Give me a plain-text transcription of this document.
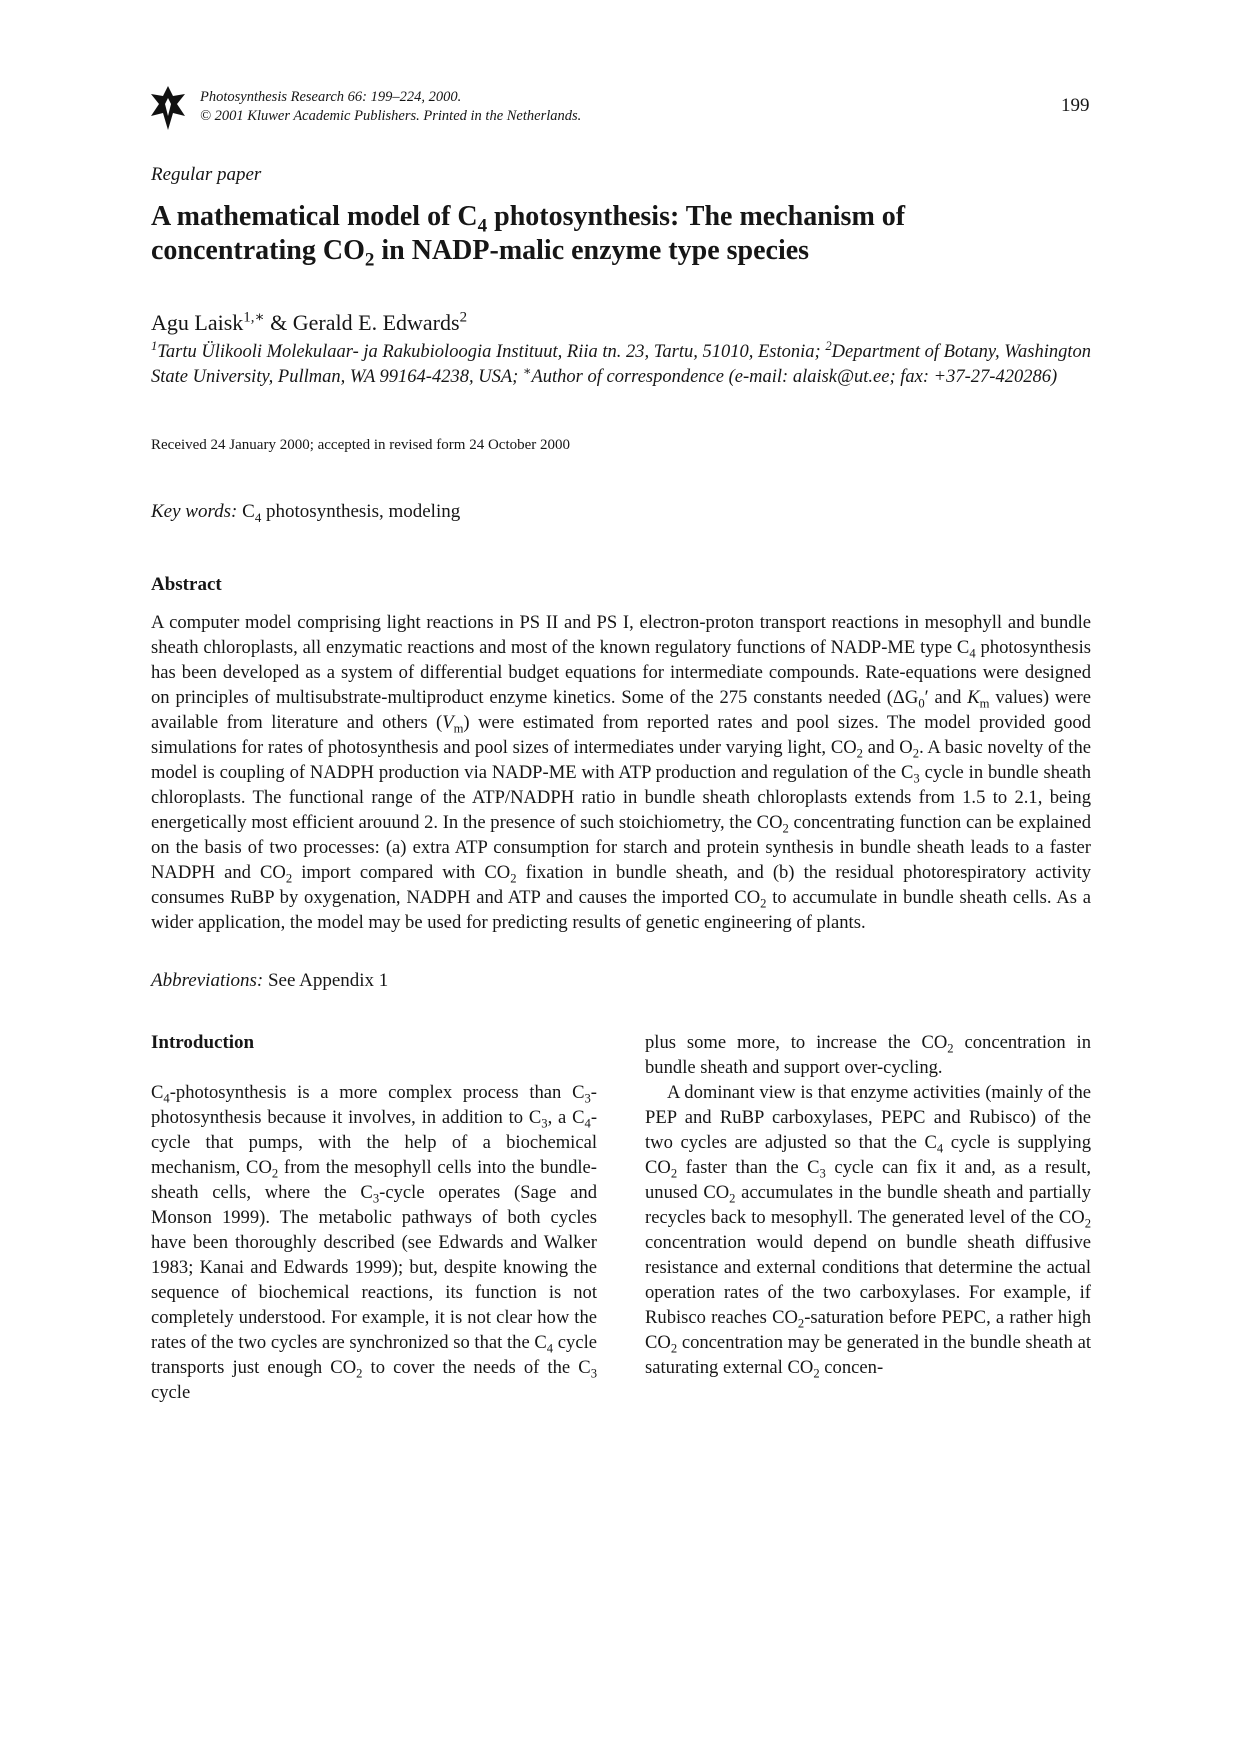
Photosynthesis Research 66: 199–224, 2000.
© 2001 Kluwer Academic Publishers. Printed in the Netherlands.	199
Regular paper
A mathematical model of $C_4$ photosynthesis: The mechanism of
concentrating $CO_2$ in NADP-malic enzyme type species
Agu Laisk$^{1,∗}$ & Gerald E. Edwards$^2$
$^1$Tartu Ülikooli Molekulaar- ja Rakubioloogia Instituut, Riia tn. 23, Tartu, 51010, Estonia; $^2$Department of Botany, Washington State University, Pullman, WA 99164-4238, USA; ∗Author of correspondence (e-mail: alaisk@ut.ee; fax: +37-27-420286)
Received 24 January 2000; accepted in revised form 24 October 2000
Key words: $C_4$ photosynthesis, modeling
Abstract
A computer model comprising light reactions in PS II and PS I, electron-proton transport reactions in mesophyll and bundle sheath chloroplasts, all enzymatic reactions and most of the known regulatory functions of NADP-ME type $C_4$ photosynthesis has been developed as a system of differential budget equations for intermediate compounds. Rate-equations were designed on principles of multisubstrate-multiproduct enzyme kinetics. Some of the 275 constants needed ($\Delta G_0'$ and $K_m$ values) were available from literature and others $(V_m)$ were estimated from reported rates and pool sizes. The model provided good simulations for rates of photosynthesis and pool sizes of intermediates under varying light, $CO_2$ and $O_2$. A basic novelty of the model is coupling of NADPH production via NADP-ME with ATP production and regulation of the $C_3$ cycle in bundle sheath chloroplasts. The functional range of the ATP/NADPH ratio in bundle sheath chloroplasts extends from 1.5 to 2.1, being energetically most efficient arouund 2. In the presence of such stoichiometry, the $CO_2$ concentrating function can be explained on the basis of two processes: (a) extra ATP consumption for starch and protein synthesis in bundle sheath leads to a faster NADPH and $CO_2$ import compared with $CO_2$ fixation in bundle sheath, and (b) the residual photorespiratory activity consumes RuBP by oxygenation, NADPH and ATP and causes the imported $CO_2$ to accumulate in bundle sheath cells. As a wider application, the model may be used for predicting results of genetic engineering of plants.
Abbreviations: See Appendix 1
Introduction

$C_4$-photosynthesis is a more complex process than $C_3$-photosynthesis because it involves, in addition to $C_3$, a $C_4$-cycle that pumps, with the help of a biochemical mechanism, $CO_2$ from the mesophyll cells into the bundle-sheath cells, where the $C_3$-cycle operates (Sage and Monson 1999). The metabolic pathways of both cycles have been thoroughly described (see Edwards and Walker 1983; Kanai and Edwards 1999); but, despite knowing the sequence of biochemical reactions, its function is not completely understood. For example, it is not clear how the rates of the two cycles are synchronized so that the $C_4$ cycle transports just enough $CO_2$ to cover the needs of the $C_3$ cycle

plus some more, to increase the $CO_2$ concentration in bundle sheath and support over-cycling.

A dominant view is that enzyme activities (mainly of the PEP and RuBP carboxylases, PEPC and Rubisco) of the two cycles are adjusted so that the $C_4$ cycle is supplying $CO_2$ faster than the $C_3$ cycle can fix it and, as a result, unused $CO_2$ accumulates in the bundle sheath and partially recycles back to mesophyll. The generated level of the $CO_2$ concentration would depend on bundle sheath diffusive resistance and external conditions that determine the actual operation rates of the two carboxylases. For example, if Rubisco reaches $CO_2$-saturation before PEPC, a rather high $CO_2$ concentration may be generated in the bundle sheath at saturating external $CO_2$ concen-
